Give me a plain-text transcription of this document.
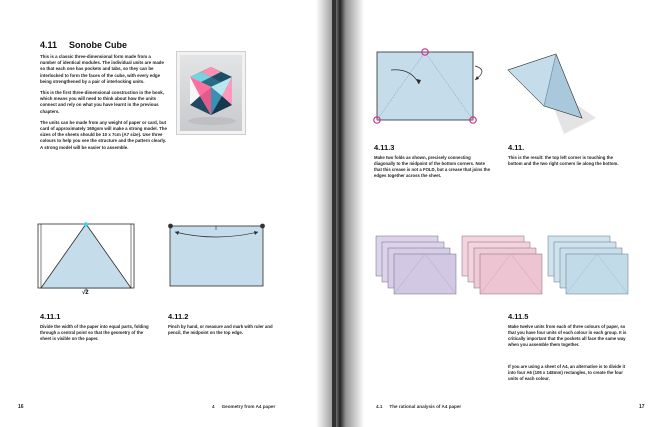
4.11 Sonobe Cube

This is a classic three-dimensional form made from a number of identical modules. The individual units are made so that each one has pockets and tabs, so they can be interlocked to form the faces of the cube, with every edge being strengthened by a pair of interlocking units.

This is the first three-dimensional construction in the book, which means you will need to think about how the units connect and rely on what you have learnt in the previous chapters.

The units can be made from any weight of paper or card, but card of approximately 160gsm will make a strong model. The sizes of the sheets should be 10 x 7cm (A7 size). Use three colours to help you see the structure and the pattern clearly. A strong model will be easier to assemble.

√2
4.11.1
Divide the width of the paper into equal parts, folding through a central point so that the geometry of the sheet is visible on the paper.
4.11.2
Pinch by hand, or measure and mark with ruler and pencil, the midpoint on the top edge.
16	4 Geometry from A4 paper
4.11.3
Make two folds as shown, precisely connecting diagonally to the midpoint of the bottom corners. Note that this crease is not a FOLD, but a crease that joins the edges together across the sheet.
4.11.
This is the result: the top left corner is touching the bottom and the two right corners lie along the bottom.
4.11.5
Make twelve units from each of three colours of paper, so that you have four units of each colour in each group. It is critically important that the pockets all face the same way when you assemble them together.
If you are using a sheet of A4, an alternative is to divide it into four A6 (105 x 148mm) rectangles, to create the four units of each colour.
4.1 The rational analysis of A4 paper	17
